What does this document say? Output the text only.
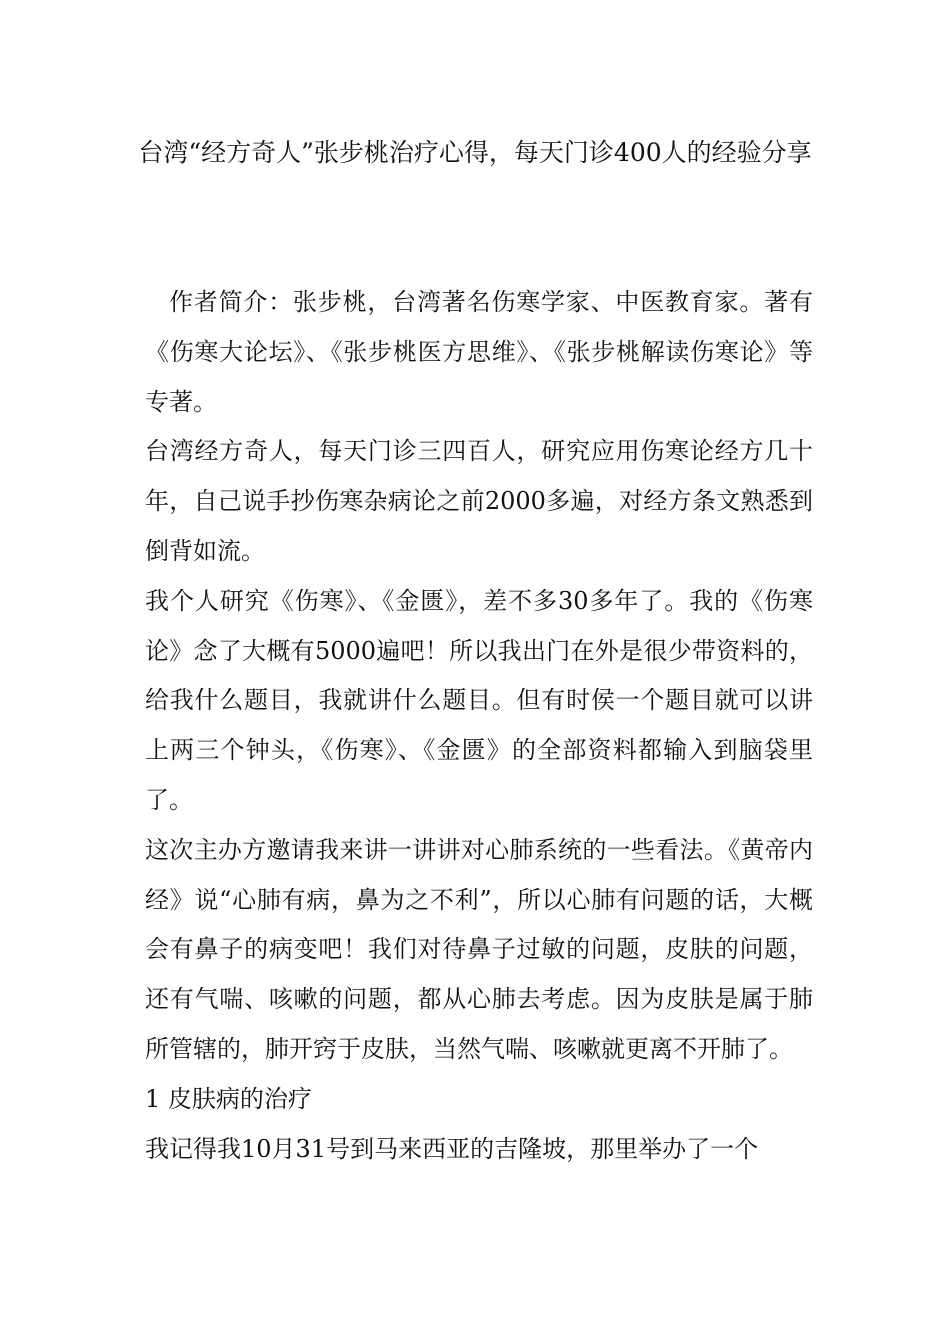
台湾“经方奇人”张步桃治疗心得，每天门诊400人的经验分享

作者简介：张步桃，台湾著名伤寒学家、中医教育家。著有《伤寒大论坛》、《张步桃医方思维》、《张步桃解读伤寒论》等专著。

台湾经方奇人，每天门诊三四百人，研究应用伤寒论经方几十年，自己说手抄伤寒杂病论之前2000多遍，对经方条文熟悉到倒背如流。

我个人研究《伤寒》、《金匮》，差不多30多年了。我的《伤寒论》念了大概有5000遍吧！所以我出门在外是很少带资料的，给我什么题目，我就讲什么题目。但有时侯一个题目就可以讲上两三个钟头，《伤寒》、《金匮》的全部资料都输入到脑袋里了。

这次主办方邀请我来讲一讲讲对心肺系统的一些看法。《黄帝内经》说“心肺有病，鼻为之不利”，所以心肺有问题的话，大概会有鼻子的病变吧！我们对待鼻子过敏的问题，皮肤的问题，还有气喘、咳嗽的问题，都从心肺去考虑。因为皮肤是属于肺所管辖的，肺开窍于皮肤，当然气喘、咳嗽就更离不开肺了。

1 皮肤病的治疗

我记得我10月31号到马来西亚的吉隆坡，那里举办了一个
